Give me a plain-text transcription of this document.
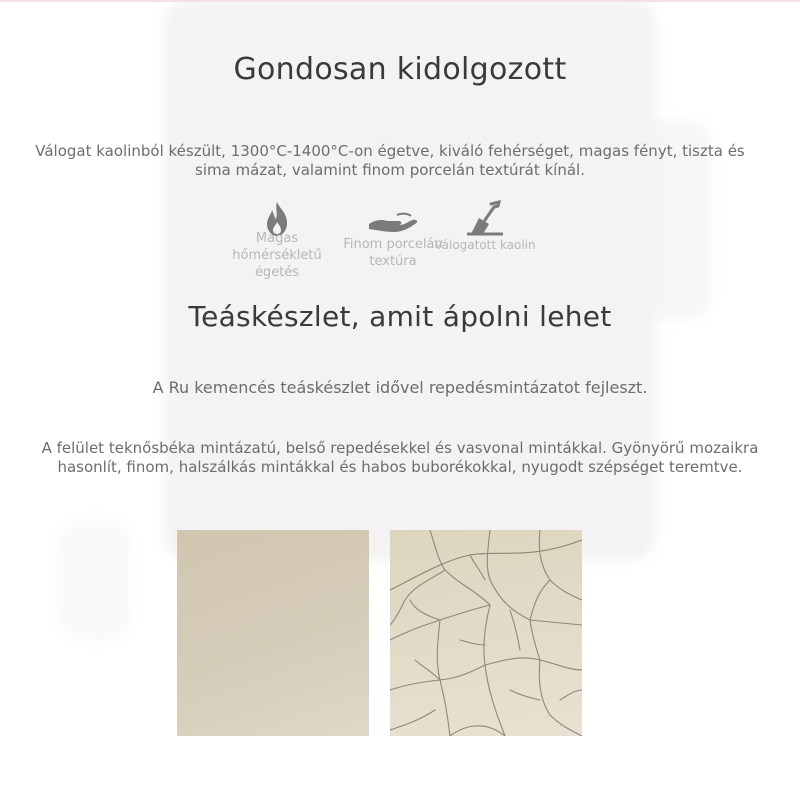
Gondosan kidolgozott

Válogat kaolinból készült, 1300°C-1400°C-on égetve, kiváló fehérséget, magas fényt, tiszta és sima mázat, valamint finom porcelán textúrát kínál.

Magas hőmérsékletű égetés
Finom porcelán textúra
Válogatott kaolin
Teáskészlet, amit ápolni lehet

A Ru kemencés teáskészlet idővel repedésmintázatot fejleszt.

A felület teknősbéka mintázatú, belső repedésekkel és vasvonal mintákkal. Gyönyörű mozaikra hasonlít, finom, halszálkás mintákkal és habos buborékokkal, nyugodt szépséget teremtve.
